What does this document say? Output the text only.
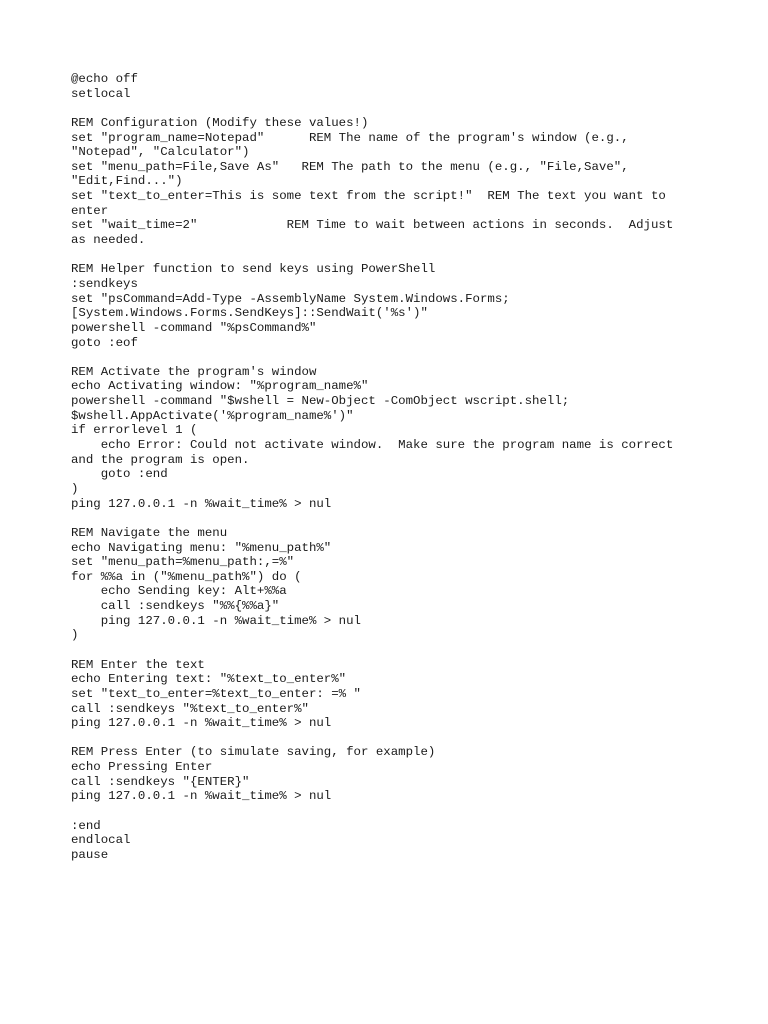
@echo off
setlocal
REM Configuration (Modify these values!)
set "program_name=Notepad"      REM The name of the program's window (e.g.,
"Notepad", "Calculator")
set "menu_path=File,Save As"   REM The path to the menu (e.g., "File,Save",
"Edit,Find...")
set "text_to_enter=This is some text from the script!"  REM The text you want to
enter
set "wait_time=2"            REM Time to wait between actions in seconds.  Adjust
as needed.
REM Helper function to send keys using PowerShell
:sendkeys
set "psCommand=Add-Type -AssemblyName System.Windows.Forms;
[System.Windows.Forms.SendKeys]::SendWait('%s')"
powershell -command "%psCommand%"
goto :eof
REM Activate the program's window
echo Activating window: "%program_name%"
powershell -command "$wshell = New-Object -ComObject wscript.shell;
$wshell.AppActivate('%program_name%')"
if errorlevel 1 (
echo Error: Could not activate window.  Make sure the program name is correct
and the program is open.
goto :end
)
ping 127.0.0.1 -n %wait_time% > nul
REM Navigate the menu
echo Navigating menu: "%menu_path%"
set "menu_path=%menu_path:,=%"
for %%a in ("%menu_path%") do (
echo Sending key: Alt+%%a
call :sendkeys "%%{%%a}"
ping 127.0.0.1 -n %wait_time% > nul
)
REM Enter the text
echo Entering text: "%text_to_enter%"
set "text_to_enter=%text_to_enter: =% "
call :sendkeys "%text_to_enter%"
ping 127.0.0.1 -n %wait_time% > nul
REM Press Enter (to simulate saving, for example)
echo Pressing Enter
call :sendkeys "{ENTER}"
ping 127.0.0.1 -n %wait_time% > nul
:end
endlocal
pause
